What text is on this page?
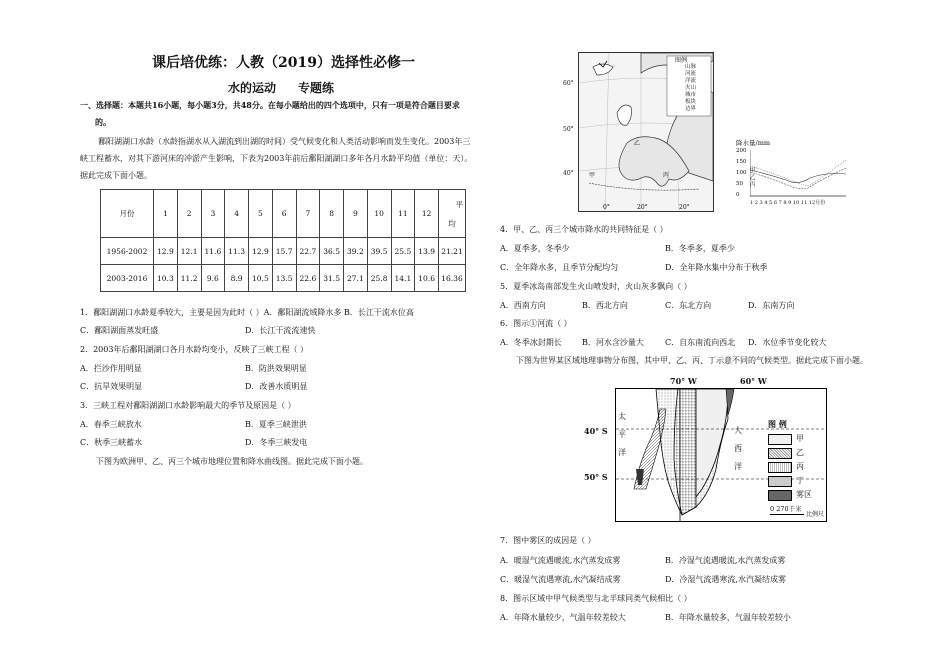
课后培优练：人教（2019）选择性必修一
水的运动 专题练
一、选择题：本题共16小题，每小题3分，共48分。在每小题给出的四个选项中，只有一项是符合题目要求
的。
鄱阳湖湖口水龄（水龄指湖水从入湖流到出湖的时间）受气候变化和人类活动影响而发生变化。2003年三
峡工程蓄水，对其下游河床的冲淤产生影响，下表为2003年前后鄱阳湖湖口多年各月水龄平均值（单位：天）。
据此完成下面小题。
月份	1	2	3	4	5	6	7	8	9	10	11	12	平
均

1956-2002	12.9	12.1	11.6	11.3	12.9	15.7	22.7	36.5	39.2	39.5	25.5	13.9	21.21
2003-2016	10.3	11.2	9.6	8.9	10.5	13.5	22.6	31.5	27.1	25.8	14.1	10.6	16.36
1．鄱阳湖湖口水龄夏季较大，主要是因为此时（ ）A．鄱阳湖流域降水多 B．长江干流水位高
C．鄱阳湖面蒸发旺盛	D．长江干流流速快
2．2003年后鄱阳湖湖口各月水龄均变小，反映了三峡工程（ ）
A．拦沙作用明显	B．防洪效果明显
C．抗旱效果明显	D．改善水质明显
3．三峡工程对鄱阳湖湖口水龄影响最大的季节及原因是（ ）
A．春季三峡放水	B．夏季三峡泄洪
C．秋季三峡蓄水	D．冬季三峡发电
下图为欧洲甲、乙、丙三个城市地理位置和降水曲线图。据此完成下面小题。
图例
山脉
河流
洋流
火山
城市
板块
边界
60°
50°
40°
0°	20°	20°
甲
乙
丙
降水量/mm
200
150
100
50
0
甲
乙
丙
1 2 3 4 5 6 7 8 9 10 11 12月份
4．甲、乙、丙三个城市降水的共同特征是（ ）
A．夏季多，冬季少	B．冬季多，夏季少
C．全年降水多，且季节分配均匀	D．全年降水集中分布于秋季
5．夏季冰岛南部发生火山喷发时，火山灰多飘向（ ）
A．西南方向	B．西北方向	C．东北方向	D．东南方向
6．图示①河流（ ）
A．冬季冰封期长	B．河水含沙量大	C．自东南流向西北 D．水位季节变化较大
下图为世界某区域地理事物分布图，其中甲、乙、丙、丁示意不同的气候类型。据此完成下面小题。
70° W	60° W
40° S
50° S
太
平
洋
大
西
洋
图 例
甲
乙
丙
丁
雾区
0 270千米
比例尺
7．图中雾区的成因是（ ）
A．暖湿气流遇暖流,水汽蒸发成雾	B．冷湿气流遇暖流,水汽蒸发成雾
C．暖湿气流遇寒流,水汽凝结成雾	D．冷湿气流遇寒流,水汽凝结成雾
8．图示区域中甲气候类型与北半球同类气候相比（ ）
A．年降水量较少，气温年较差较大	B．年降水量较多，气温年较差较小
